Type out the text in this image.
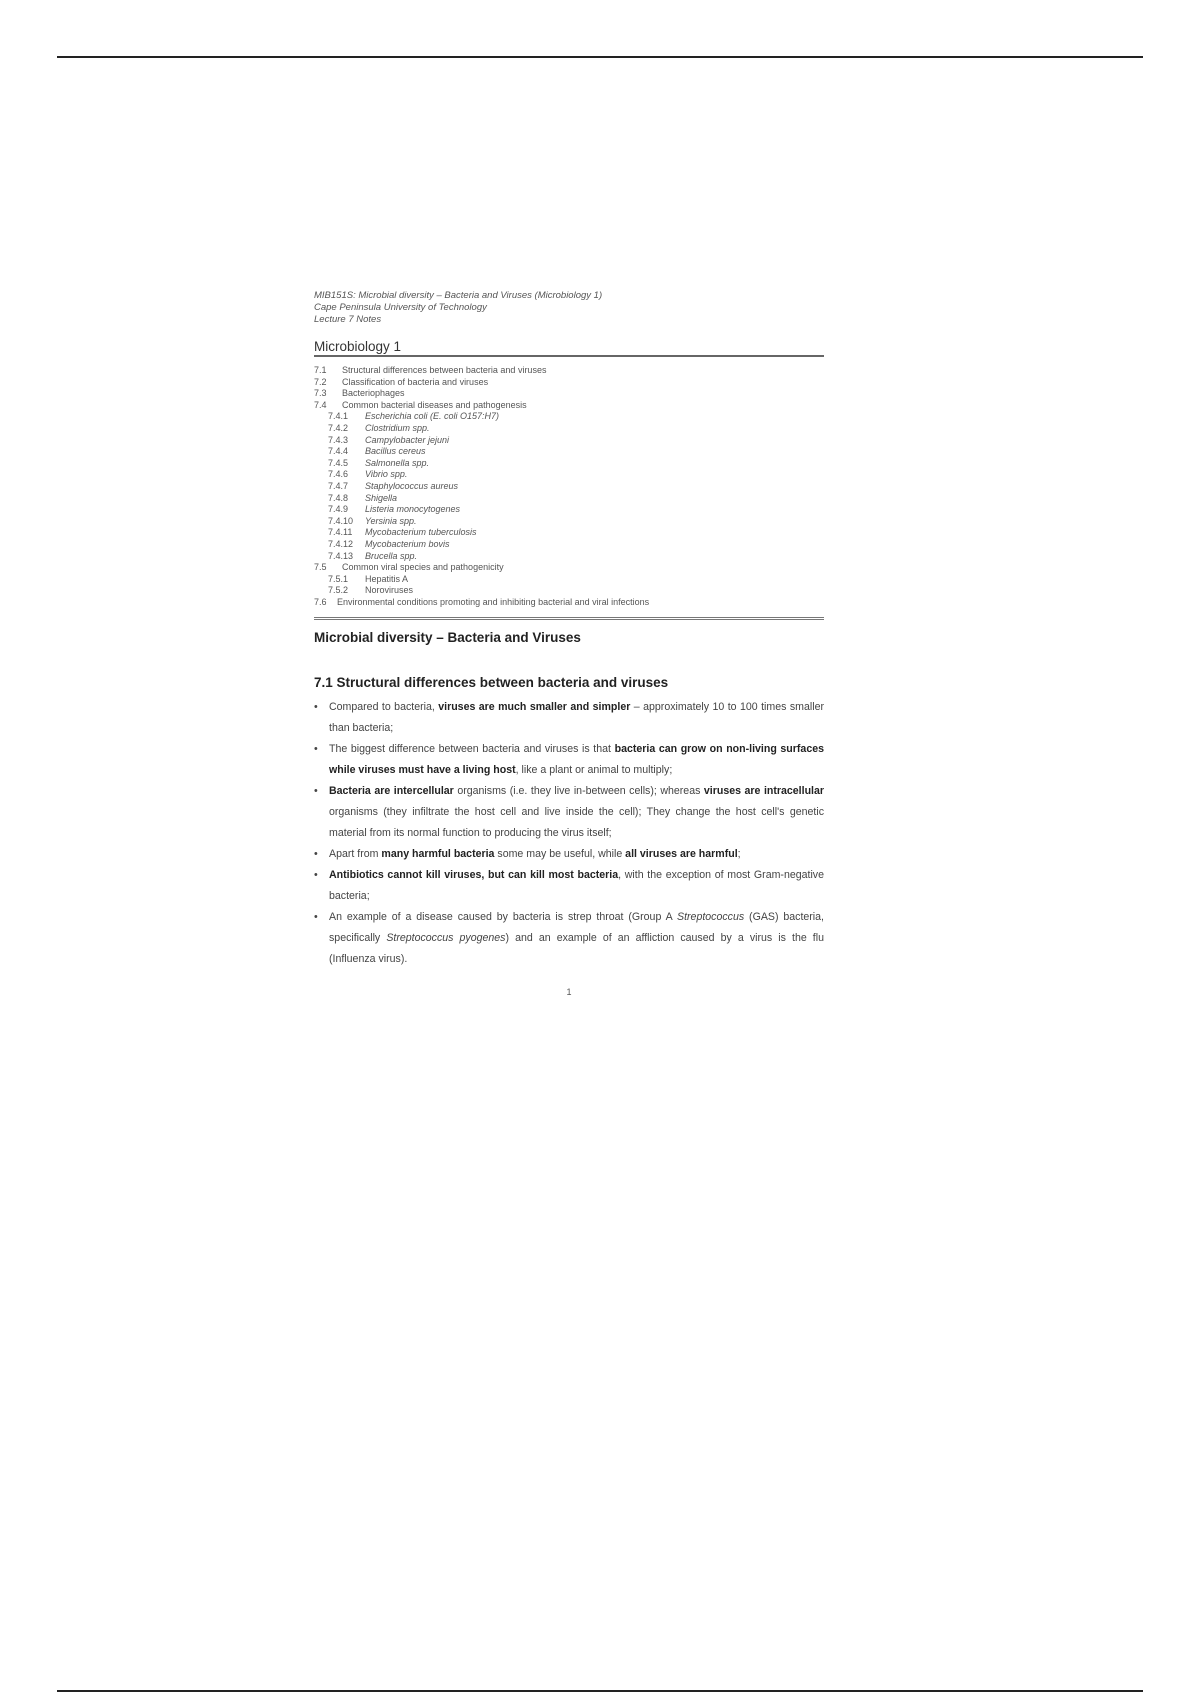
MIB151S: Microbial diversity – Bacteria and Viruses (Microbiology 1)
Cape Peninsula University of Technology
Lecture 7 Notes
Microbiology 1
7.1	Structural differences between bacteria and viruses
7.2	Classification of bacteria and viruses
7.3	Bacteriophages
7.4	Common bacterial diseases and pathogenesis
7.4.1	Escherichia coli (E. coli O157:H7)
7.4.2	Clostridium spp.
7.4.3	Campylobacter jejuni
7.4.4	Bacillus cereus
7.4.5	Salmonella spp.
7.4.6	Vibrio spp.
7.4.7	Staphylococcus aureus
7.4.8	Shigella
7.4.9	Listeria monocytogenes
7.4.10	Yersinia spp.
7.4.11	Mycobacterium tuberculosis
7.4.12	Mycobacterium bovis
7.4.13	Brucella spp.
7.5	Common viral species and pathogenicity
7.5.1	Hepatitis A
7.5.2	Noroviruses
7.6	Environmental conditions promoting and inhibiting bacterial and viral infections
Microbial diversity – Bacteria and Viruses
7.1 Structural differences between bacteria and viruses
• Compared to bacteria, viruses are much smaller and simpler – approximately 10 to 100 times smaller than bacteria;
• The biggest difference between bacteria and viruses is that bacteria can grow on non-living surfaces while viruses must have a living host, like a plant or animal to multiply;
• Bacteria are intercellular organisms (i.e. they live in-between cells); whereas viruses are intracellular organisms (they infiltrate the host cell and live inside the cell); They change the host cell's genetic material from its normal function to producing the virus itself;
• Apart from many harmful bacteria some may be useful, while all viruses are harmful;
• Antibiotics cannot kill viruses, but can kill most bacteria, with the exception of most Gram-negative bacteria;
• An example of a disease caused by bacteria is strep throat (Group A Streptococcus (GAS) bacteria, specifically Streptococcus pyogenes) and an example of an affliction caused by a virus is the flu (Influenza virus).
1
